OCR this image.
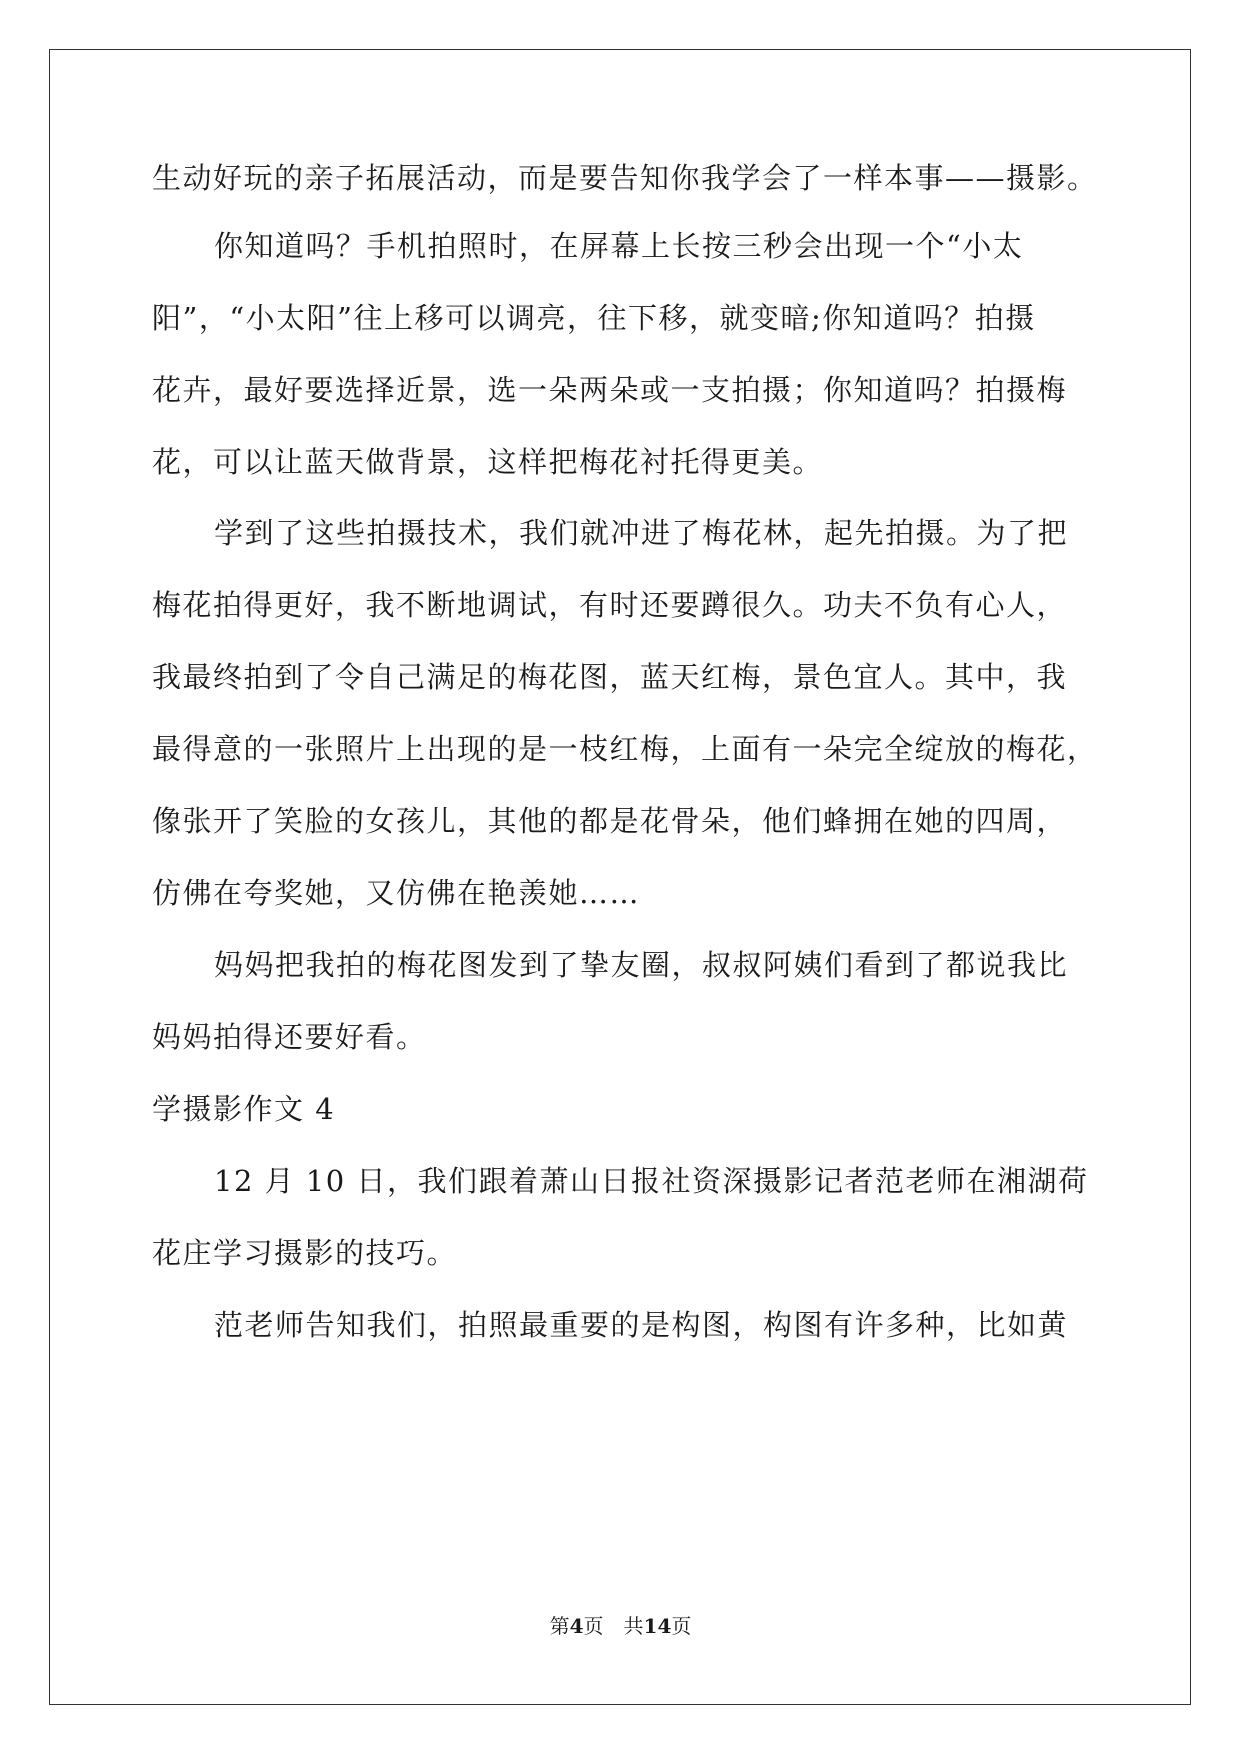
生动好玩的亲子拓展活动，而是要告知你我学会了一样本事——摄影。
你知道吗？手机拍照时，在屏幕上长按三秒会出现一个“小太
阳”，“小太阳”往上移可以调亮，往下移，就变暗;你知道吗？拍摄
花卉，最好要选择近景，选一朵两朵或一支拍摄；你知道吗？拍摄梅
花，可以让蓝天做背景，这样把梅花衬托得更美。
学到了这些拍摄技术，我们就冲进了梅花林，起先拍摄。为了把
梅花拍得更好，我不断地调试，有时还要蹲很久。功夫不负有心人，
我最终拍到了令自己满足的梅花图，蓝天红梅，景色宜人。其中，我
最得意的一张照片上出现的是一枝红梅，上面有一朵完全绽放的梅花，
像张开了笑脸的女孩儿，其他的都是花骨朵，他们蜂拥在她的四周，
仿佛在夸奖她，又仿佛在艳羡她……
妈妈把我拍的梅花图发到了挚友圈，叔叔阿姨们看到了都说我比
妈妈拍得还要好看。
学摄影作文 4
12 月 10 日，我们跟着萧山日报社资深摄影记者范老师在湘湖荷
花庄学习摄影的技巧。
范老师告知我们，拍照最重要的是构图，构图有许多种，比如黄
第4页 共14页
